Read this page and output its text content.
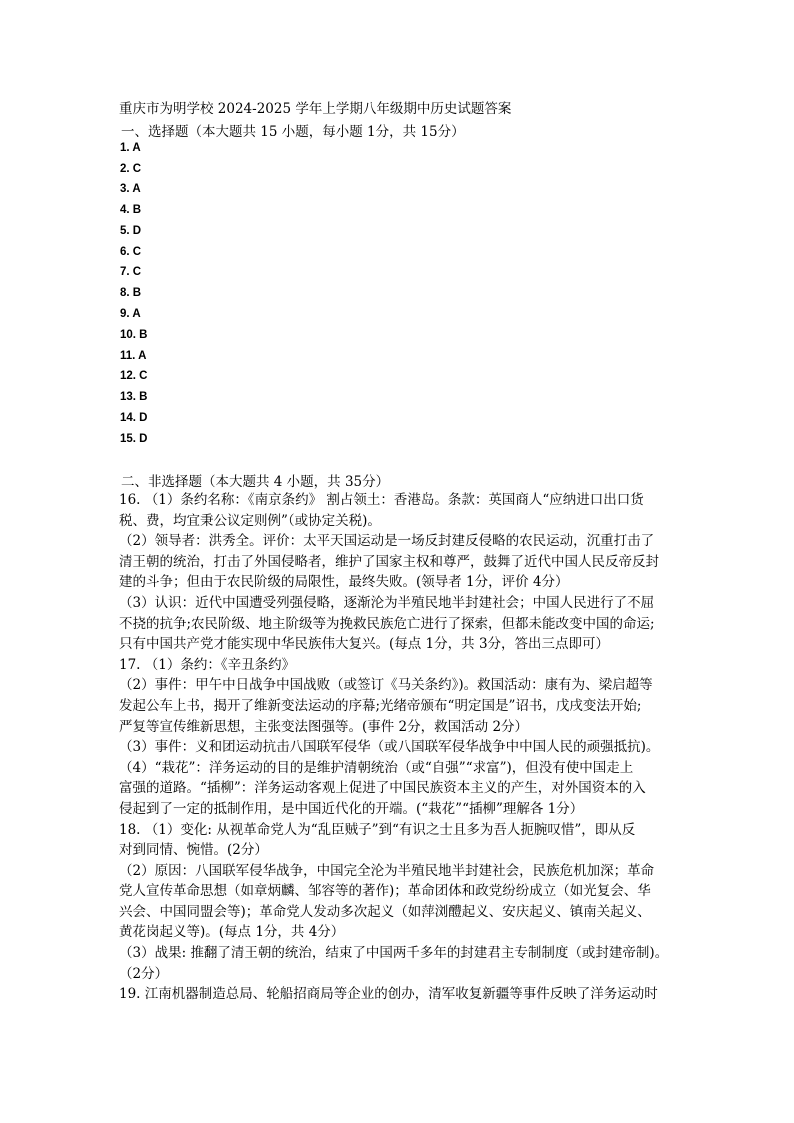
重庆市为明学校 2024-2025 学年上学期八年级期中历史试题答案
一、选择题（本大题共 15 小题，每小题 1分，共 15分）
1. A
2. C
3. A
4. B
5. D
6. C
7. C
8. B
9. A
10. B
11. A
12. C
13. B
14. D
15. D
二、非选择题（本大题共 4 小题，共 35分）
16. （1）条约名称：《南京条约》 割占领土：香港岛。条款：英国商人“应纳进口出口货
税、费，均宜秉公议定则例”（或协定关税)。
（2）领导者：洪秀全。评价：太平天国运动是一场反封建反侵略的农民运动，沉重打击了
清王朝的统治，打击了外国侵略者，维护了国家主权和尊严，鼓舞了近代中国人民反帝反封
建的斗争；但由于农民阶级的局限性，最终失败。(领导者 1分，评价 4分）
（3）认识：近代中国遭受列强侵略，逐渐沦为半殖民地半封建社会；中国人民进行了不屈
不挠的抗争;农民阶级、地主阶级等为挽救民族危亡进行了探索，但都未能改变中国的命运;
只有中国共产党才能实现中华民族伟大复兴。(每点 1分，共 3分，答出三点即可）
17. （1）条约：《辛丑条约》
（2）事件：甲午中日战争中国战败（或签订《马关条约》)。救国活动：康有为、梁启超等
发起公车上书，揭开了维新变法运动的序幕;光绪帝颁布“明定国是”诏书，戊戌变法开始;
严复等宣传维新思想，主张变法图强等。(事件 2分，救国活动 2分）
（3）事件：义和团运动抗击八国联军侵华（或八国联军侵华战争中中国人民的顽强抵抗)。
（4）“栽花”：洋务运动的目的是维护清朝统治（或“自强”“求富”)，但没有使中国走上
富强的道路。“插柳”：洋务运动客观上促进了中国民族资本主义的产生，对外国资本的入
侵起到了一定的抵制作用，是中国近代化的开端。(“栽花”“插柳”理解各 1分）
18. （1）变化: 从视革命党人为“乱臣贼子”到“有识之士且多为吾人扼腕叹惜”，即从反
对到同情、惋惜。(2分）
（2）原因：八国联军侵华战争，中国完全沦为半殖民地半封建社会，民族危机加深；革命
党人宣传革命思想（如章炳麟、邹容等的著作)；革命团体和政党纷纷成立（如光复会、华
兴会、中国同盟会等)；革命党人发动多次起义（如萍浏醴起义、安庆起义、镇南关起义、
黄花岗起义等)。(每点 1分，共 4分）
（3）战果: 推翻了清王朝的统治，结束了中国两千多年的封建君主专制制度（或封建帝制)。
（2分）
19. 江南机器制造总局、轮船招商局等企业的创办，清军收复新疆等事件反映了洋务运动时
